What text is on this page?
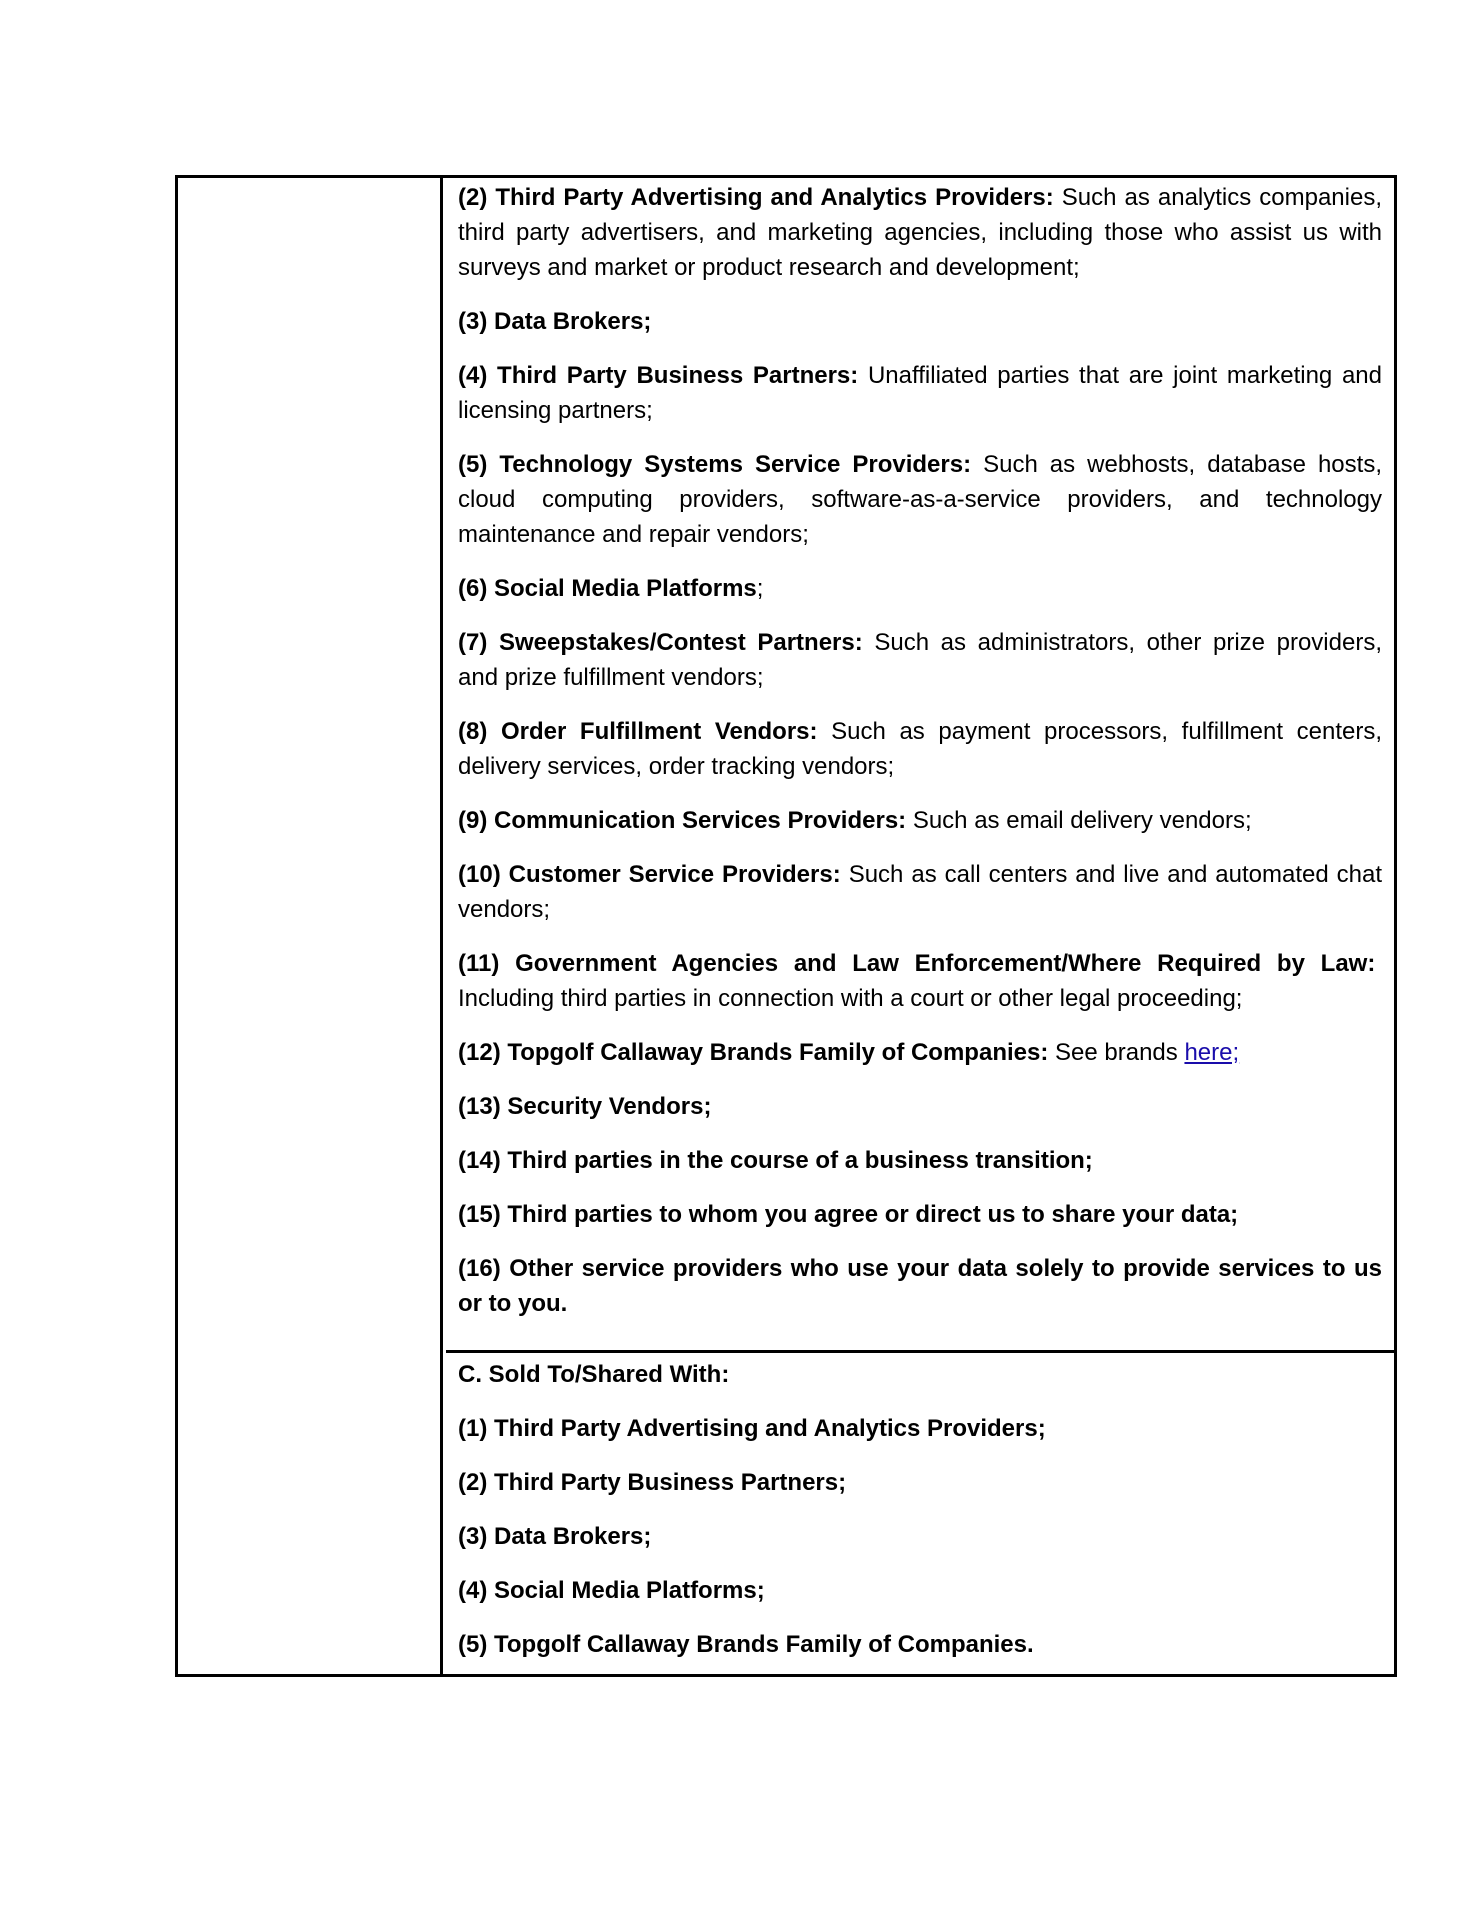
(2) Third Party Advertising and Analytics Providers: Such as analytics companies, third party advertisers, and marketing agencies, including those who assist us with surveys and market or product research and development;

(3) Data Brokers;

(4) Third Party Business Partners: Unaffiliated parties that are joint marketing and licensing partners;

(5) Technology Systems Service Providers: Such as webhosts, database hosts, cloud computing providers, software-as-a-service providers, and technology maintenance and repair vendors;

(6) Social Media Platforms;

(7) Sweepstakes/Contest Partners: Such as administrators, other prize providers, and prize fulfillment vendors;

(8) Order Fulfillment Vendors: Such as payment processors, fulfillment centers, delivery services, order tracking vendors;

(9) Communication Services Providers: Such as email delivery vendors;

(10) Customer Service Providers: Such as call centers and live and automated chat vendors;

(11) Government Agencies and Law Enforcement/Where Required by Law:  Including third parties in connection with a court or other legal proceeding;

(12) Topgolf Callaway Brands Family of Companies: See brands here;

(13) Security Vendors;

(14) Third parties in the course of a business transition;

(15) Third parties to whom you agree or direct us to share your data;

(16) Other service providers who use your data solely to provide services to us or to you.

C. Sold To/Shared With:

(1) Third Party Advertising and Analytics Providers;

(2) Third Party Business Partners;

(3) Data Brokers;

(4) Social Media Platforms;

(5) Topgolf Callaway Brands Family of Companies.
